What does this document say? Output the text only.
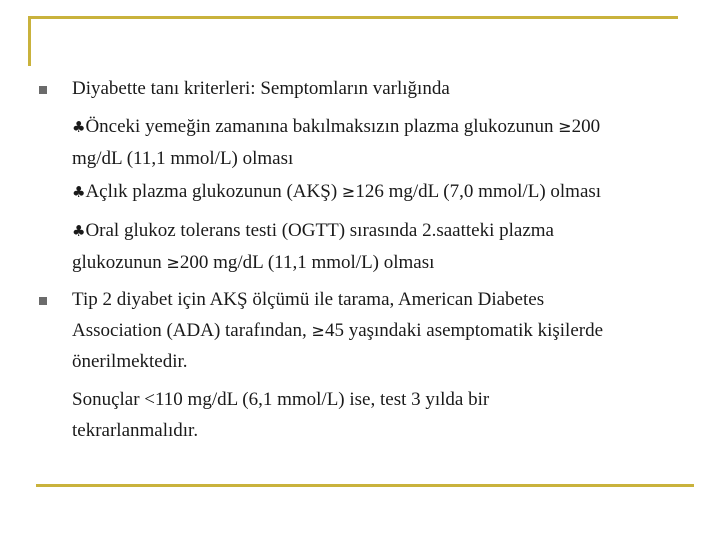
Diyabette tanı kriterleri: Semptomların varlığında
♣Önceki yemeğin zamanına bakılmaksızın plazma glukozunun ≥200
mg/dL (11,1 mmol/L) olması
♣Açlık plazma glukozunun (AKŞ) ≥126 mg/dL (7,0 mmol/L) olması
♣Oral glukoz tolerans testi (OGTT) sırasında 2.saatteki plazma
glukozunun ≥200 mg/dL (11,1 mmol/L) olması
Tip 2 diyabet için AKŞ ölçümü ile tarama, American Diabetes
Association (ADA) tarafından, ≥45 yaşındaki asemptomatik kişilerde
önerilmektedir.
Sonuçlar <110 mg/dL (6,1 mmol/L) ise, test 3 yılda bir
tekrarlanmalıdır.
